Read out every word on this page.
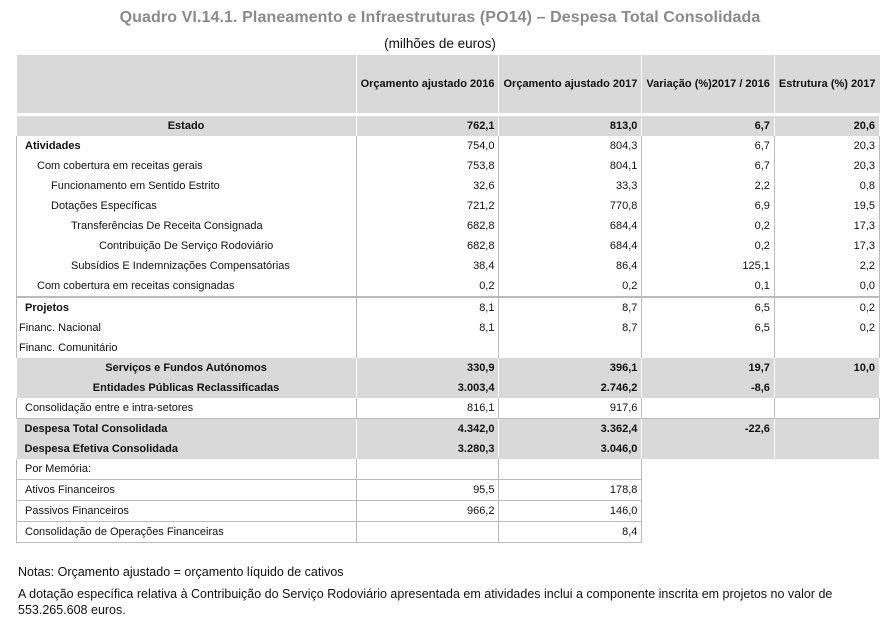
Quadro VI.14.1. Planeamento e Infraestruturas (PO14) – Despesa Total Consolidada
(milhões de euros)
	Orçamento ajustado 2016	Orçamento ajustado 2017	Variação (%)2017 / 2016	Estrutura (%) 2017
Estado	762,1	813,0	6,7	20,6
Atividades	754,0	804,3	6,7	20,3
Com cobertura em receitas gerais	753,8	804,1	6,7	20,3
Funcionamento em Sentido Estrito	32,6	33,3	2,2	0,8
Dotações Específicas	721,2	770,8	6,9	19,5
Transferências De Receita Consignada	682,8	684,4	0,2	17,3
Contribuição De Serviço Rodoviário	682,8	684,4	0,2	17,3
Subsídios E Indemnizações Compensatórias	38,4	86,4	125,1	2,2
Com cobertura em receitas consignadas	0,2	0,2	0,1	0,0
Projetos	8,1	8,7	6,5	0,2
Financ. Nacional	8,1	8,7	6,5	0,2
Financ. Comunitário				
Serviços e Fundos Autónomos	330,9	396,1	19,7	10,0
Entidades Públicas Reclassificadas	3.003,4	2.746,2	-8,6	
Consolidação entre e intra-setores	816,1	917,6		
Despesa Total Consolidada	4.342,0	3.362,4	-22,6	
Despesa Efetiva Consolidada	3.280,3	3.046,0		
Por Memória:				
Ativos Financeiros	95,5	178,8		
Passivos Financeiros	966,2	146,0		
Consolidação de Operações Financeiras		8,4		
Notas: Orçamento ajustado = orçamento líquido de cativos
A dotação específica relativa à Contribuição do Serviço Rodoviário apresentada em atividades inclui a componente inscrita em projetos no valor de 553.265.608 euros.
